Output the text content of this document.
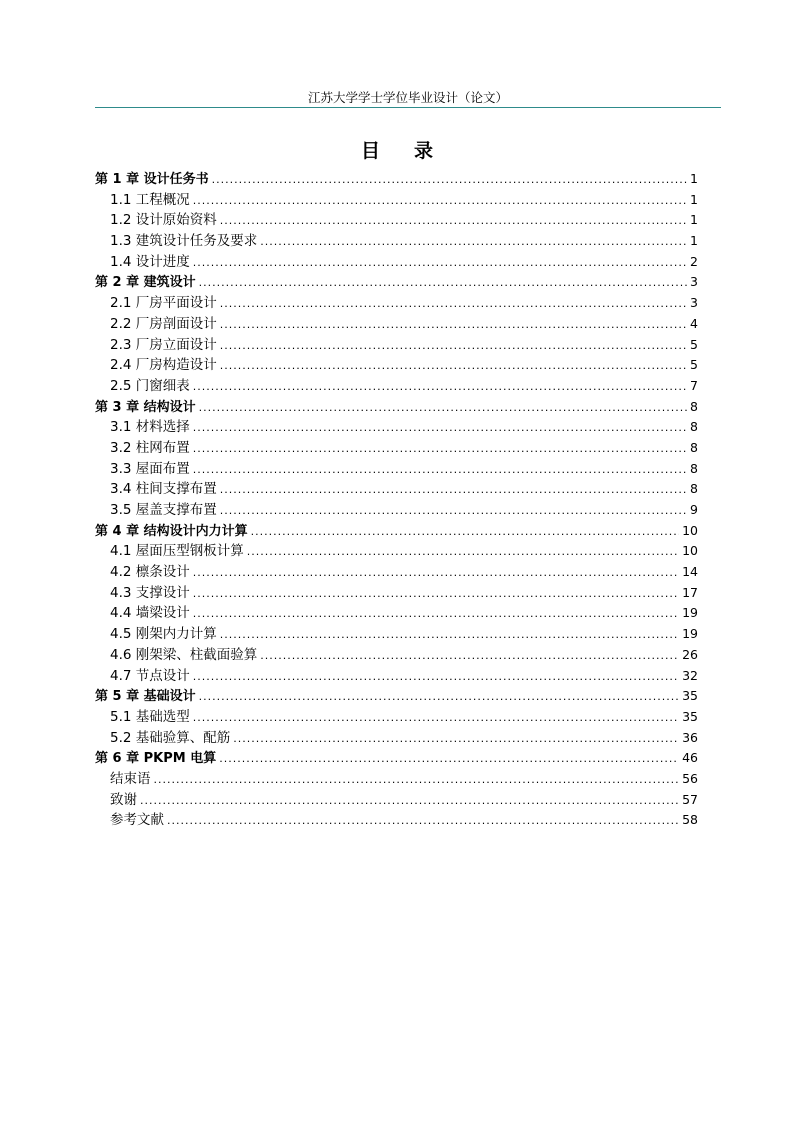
江苏大学学士学位毕业设计（论文）
目录
第 1 章 设计任务书 .....	1
1.1 工程概况 .....	1
1.2 设计原始资料 .....	1
1.3 建筑设计任务及要求 .....	1
1.4 设计进度 .....	2
第 2 章 建筑设计 .....	3
2.1 厂房平面设计 .....	3
2.2 厂房剖面设计 .....	4
2.3 厂房立面设计 .....	5
2.4 厂房构造设计 .....	5
2.5 门窗细表 .....	7
第 3 章 结构设计 .....	8
3.1 材料选择 .....	8
3.2 柱网布置 .....	8
3.3 屋面布置 .....	8
3.4 柱间支撑布置 .....	8
3.5 屋盖支撑布置 .....	9
第 4 章 结构设计内力计算 .....	10
4.1 屋面压型钢板计算 .....	10
4.2 檩条设计 .....	14
4.3 支撑设计 .....	17
4.4 墙梁设计 .....	19
4.5 刚架内力计算 .....	19
4.6 刚架梁、柱截面验算 .....	26
4.7 节点设计 .....	32
第 5 章 基础设计 .....	35
5.1 基础选型 .....	35
5.2 基础验算、配筋 .....	36
第 6 章 PKPM 电算 .....	46
结束语 .....	56
致谢 .....	57
参考文献 .....	58
